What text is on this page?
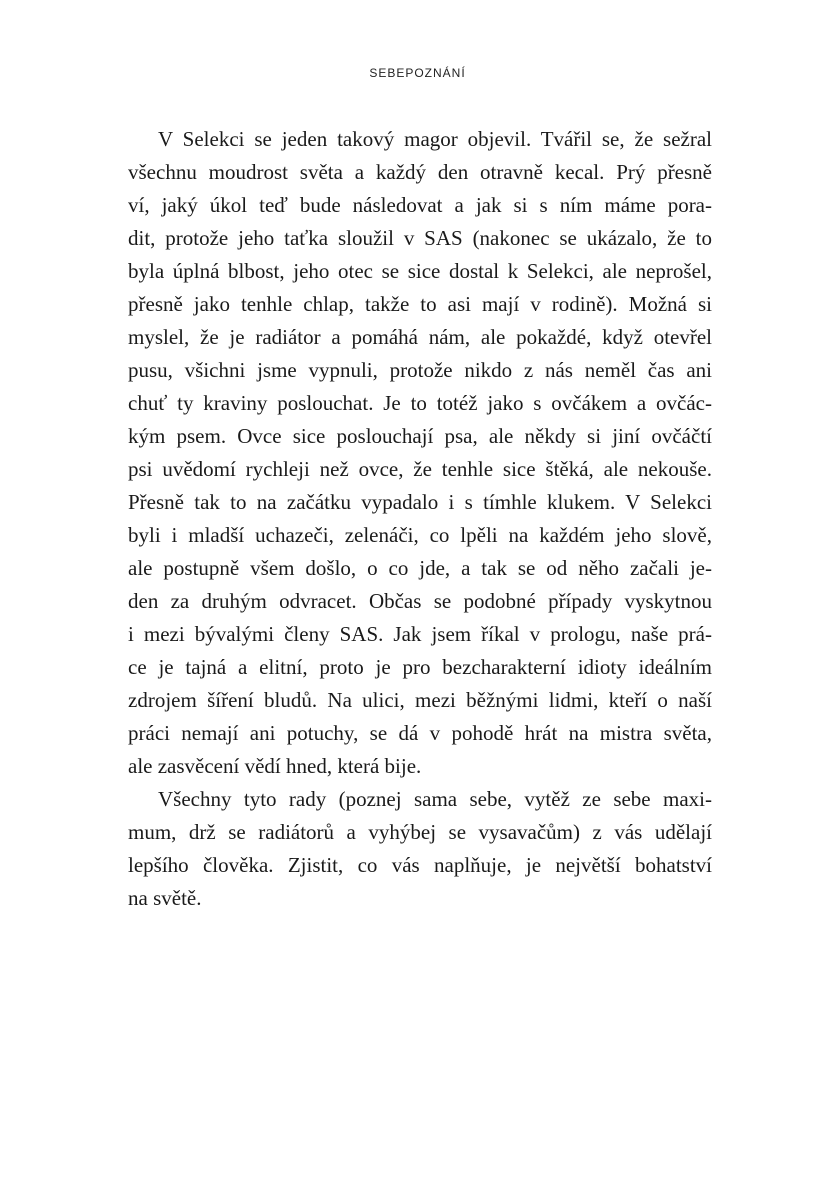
SEBEPOZNÁNÍ
V Selekci se jeden takový magor objevil. Tvářil se, že sežral
všechnu moudrost světa a každý den otravně kecal. Prý přesně
ví, jaký úkol teď bude následovat a jak si s ním máme pora-
dit, protože jeho taťka sloužil v SAS (nakonec se ukázalo, že to
byla úplná blbost, jeho otec se sice dostal k Selekci, ale neprošel,
přesně jako tenhle chlap, takže to asi mají v rodině). Možná si
myslel, že je radiátor a pomáhá nám, ale pokaždé, když otevřel
pusu, všichni jsme vypnuli, protože nikdo z nás neměl čas ani
chuť ty kraviny poslouchat. Je to totéž jako s ovčákem a ovčác-
kým psem. Ovce sice poslouchají psa, ale někdy si jiní ovčáčtí
psi uvědomí rychleji než ovce, že tenhle sice štěká, ale nekouše.
Přesně tak to na začátku vypadalo i s tímhle klukem. V Selekci
byli i mladší uchazeči, zelenáči, co lpěli na každém jeho slově,
ale postupně všem došlo, o co jde, a tak se od něho začali je-
den za druhým odvracet. Občas se podobné případy vyskytnou
i mezi bývalými členy SAS. Jak jsem říkal v prologu, naše prá-
ce je tajná a elitní, proto je pro bezcharakterní idioty ideálním
zdrojem šíření bludů. Na ulici, mezi běžnými lidmi, kteří o naší
práci nemají ani potuchy, se dá v pohodě hrát na mistra světa,
ale zasvěcení vědí hned, která bije.
Všechny tyto rady (poznej sama sebe, vytěž ze sebe maxi-
mum, drž se radiátorů a vyhýbej se vysavačům) z vás udělají
lepšího člověka. Zjistit, co vás naplňuje, je největší bohatství
na světě.
